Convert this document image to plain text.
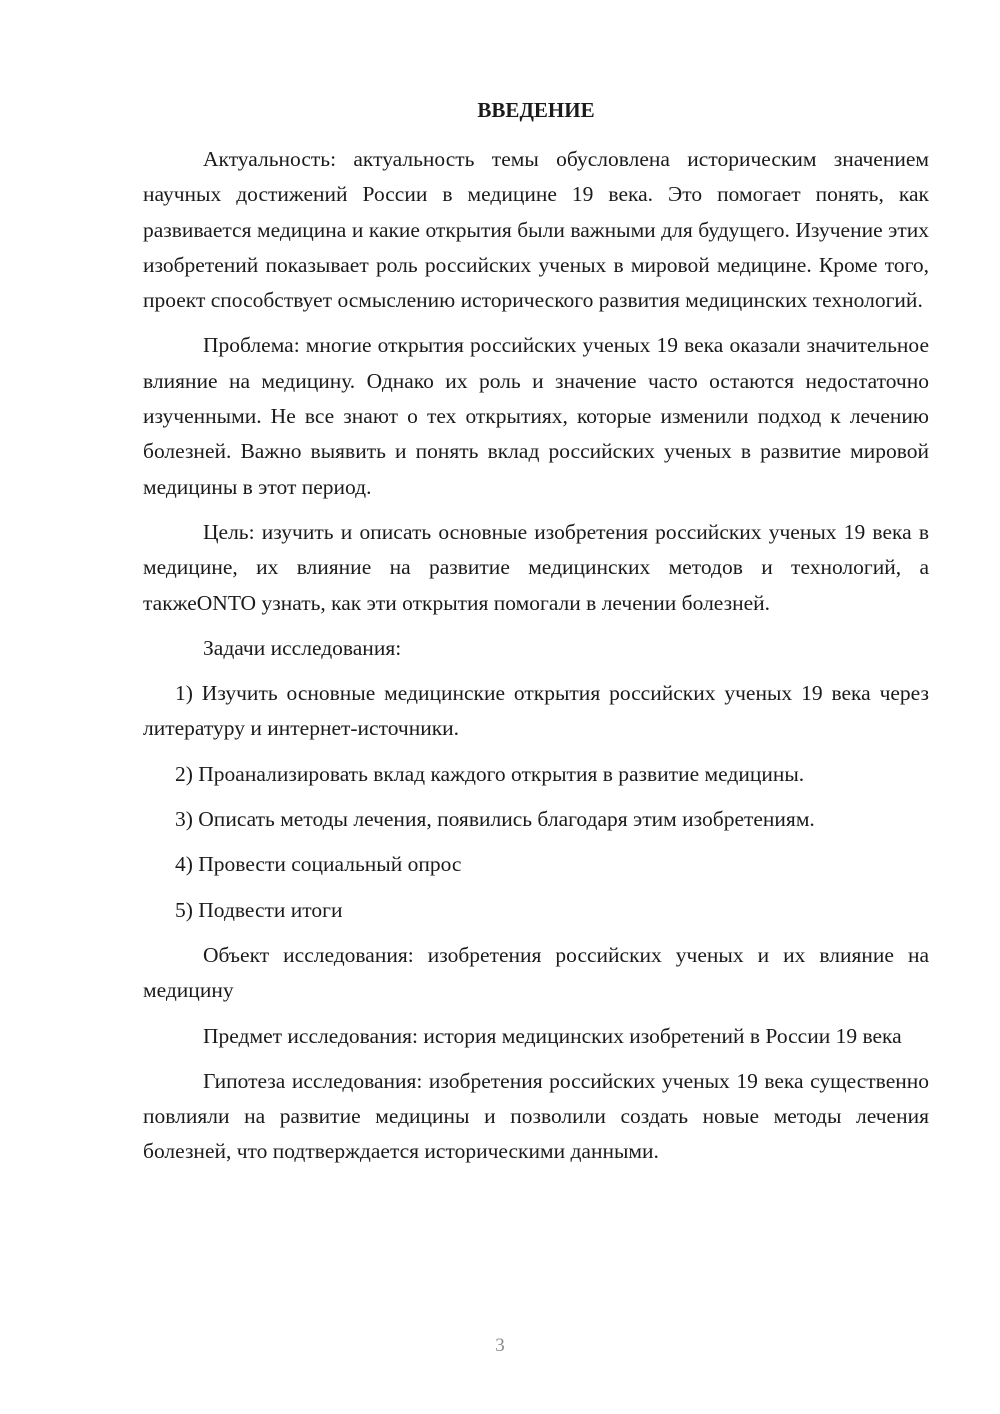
ВВЕДЕНИЕ

Актуальность: актуальность темы обусловлена историческим значением научных достижений России в медицине 19 века. Это помогает понять, как развивается медицина и какие открытия были важными для будущего. Изучение этих изобретений показывает роль российских ученых в мировой медицине. Кроме того, проект способствует осмыслению исторического развития медицинских технологий.

Проблема: многие открытия российских ученых 19 века оказали значительное влияние на медицину. Однако их роль и значение часто остаются недостаточно изученными. Не все знают о тех открытиях, которые изменили подход к лечению болезней. Важно выявить и понять вклад российских ученых в развитие мировой медицины в этот период.

Цель: изучить и описать основные изобретения российских ученых 19 века в медицине, их влияние на развитие медицинских методов и технологий, а такжеONTO узнать, как эти открытия помогали в лечении болезней.

Задачи исследования:

1) Изучить основные медицинские открытия российских ученых 19 века через литературу и интернет-источники.

2) Проанализировать вклад каждого открытия в развитие медицины.

3) Описать методы лечения, появились благодаря этим изобретениям.

4) Провести социальный опрос

5) Подвести итоги

Объект исследования: изобретения российских ученых и их влияние на медицину

Предмет исследования: история медицинских изобретений в России 19 века

Гипотеза исследования: изобретения российских ученых 19 века существенно повлияли на развитие медицины и позволили создать новые методы лечения болезней, что подтверждается историческими данными.

3
